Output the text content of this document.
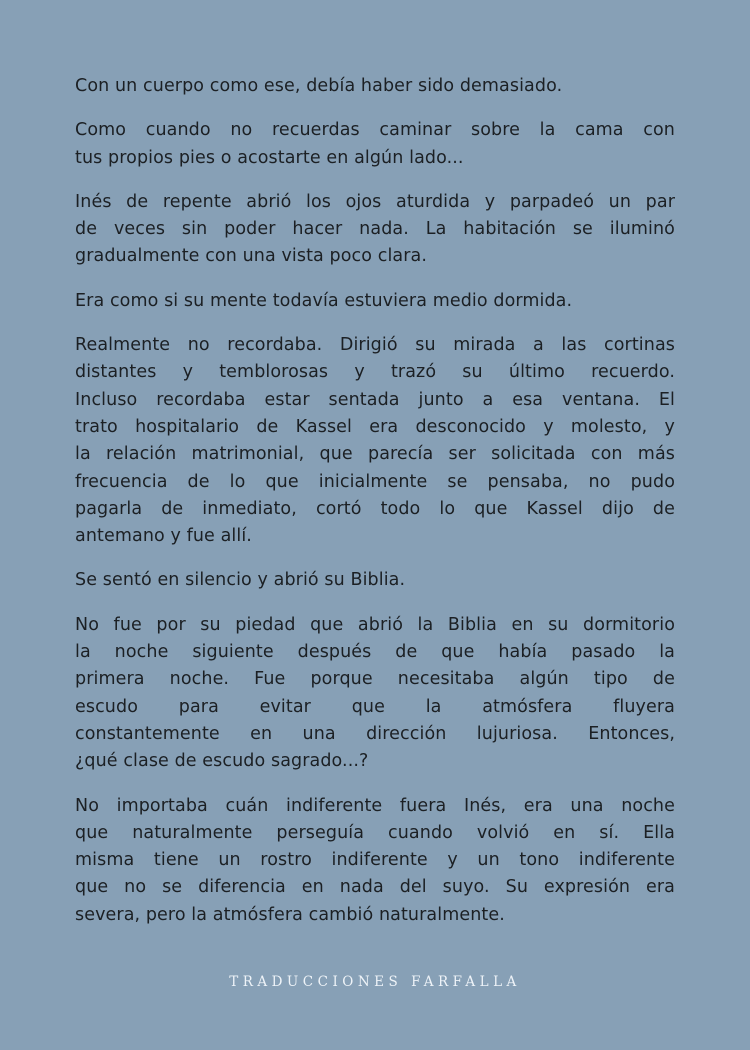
Con un cuerpo como ese, debía haber sido demasiado.
Como cuando no recuerdas caminar sobre la cama con
tus propios pies o acostarte en algún lado...
Inés de repente abrió los ojos aturdida y parpadeó un par
de veces sin poder hacer nada. La habitación se iluminó
gradualmente con una vista poco clara.
Era como si su mente todavía estuviera medio dormida.
Realmente no recordaba. Dirigió su mirada a las cortinas
distantes y temblorosas y trazó su último recuerdo.
Incluso recordaba estar sentada junto a esa ventana. El
trato hospitalario de Kassel era desconocido y molesto, y
la relación matrimonial, que parecía ser solicitada con más
frecuencia de lo que inicialmente se pensaba, no pudo
pagarla de inmediato, cortó todo lo que Kassel dijo de
antemano y fue allí.
Se sentó en silencio y abrió su Biblia.
No fue por su piedad que abrió la Biblia en su dormitorio
la noche siguiente después de que había pasado la
primera noche. Fue porque necesitaba algún tipo de
escudo para evitar que la atmósfera fluyera
constantemente en una dirección lujuriosa. Entonces,
¿qué clase de escudo sagrado...?
No importaba cuán indiferente fuera Inés, era una noche
que naturalmente perseguía cuando volvió en sí. Ella
misma tiene un rostro indiferente y un tono indiferente
que no se diferencia en nada del suyo. Su expresión era
severa, pero la atmósfera cambió naturalmente.
TRADUCCIONES FARFALLA
